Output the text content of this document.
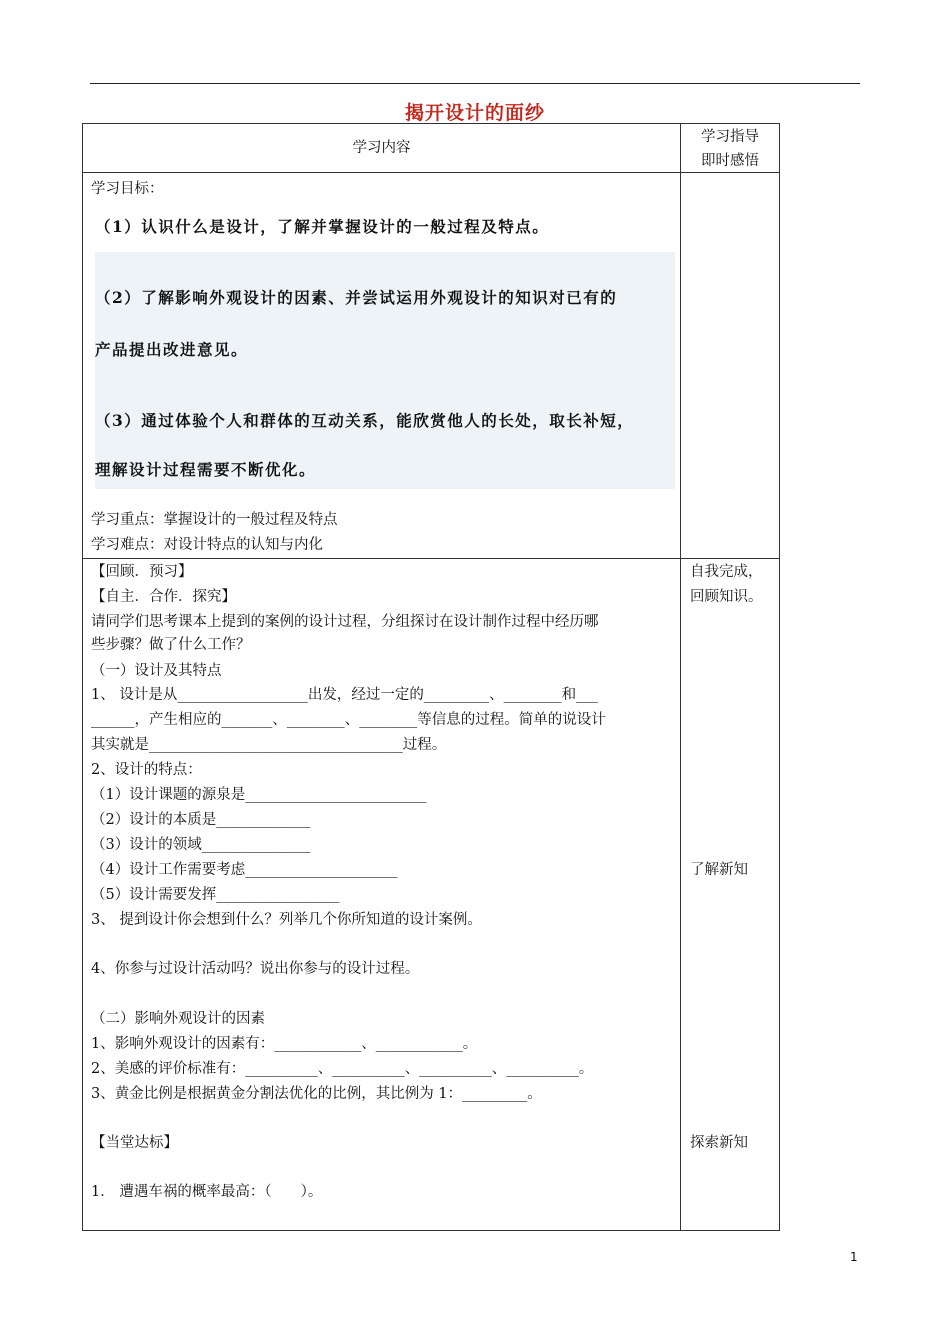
揭开设计的面纱
学习内容
学习指导
即时感悟
学习目标：
（1）认识什么是设计，了解并掌握设计的一般过程及特点。
（2）了解影响外观设计的因素、并尝试运用外观设计的知识对已有的
产品提出改进意见。
（3）通过体验个人和群体的互动关系，能欣赏他人的长处，取长补短，
理解设计过程需要不断优化。
学习重点：掌握设计的一般过程及特点
学习难点：对设计特点的认知与内化
【回顾．预习】
【自主．合作．探究】
请同学们思考课本上提到的案例的设计过程，分组探讨在设计制作过程中经历哪
些步骤？做了什么工作？
（一）设计及其特点
1、 设计是从__________________出发，经过一定的_________、________和___
______，产生相应的_______、________、________等信息的过程。简单的说设计
其实就是___________________________________过程。
2、设计的特点：
（1）设计课题的源泉是_________________________
（2）设计的本质是_____________
（3）设计的领域_______________
（4）设计工作需要考虑_____________________
（5）设计需要发挥_________________
3、 提到设计你会想到什么？列举几个你所知道的设计案例。
4、你参与过设计活动吗？说出你参与的设计过程。
（二）影响外观设计的因素
1、影响外观设计的因素有：____________、____________。
2、美感的评价标准有：__________、__________、__________、__________。
3、黄金比例是根据黄金分割法优化的比例，其比例为 1：_________。
【当堂达标】
1． 遭遇车祸的概率最高：（　　）。
自我完成，
回顾知识。
了解新知
探索新知
1
